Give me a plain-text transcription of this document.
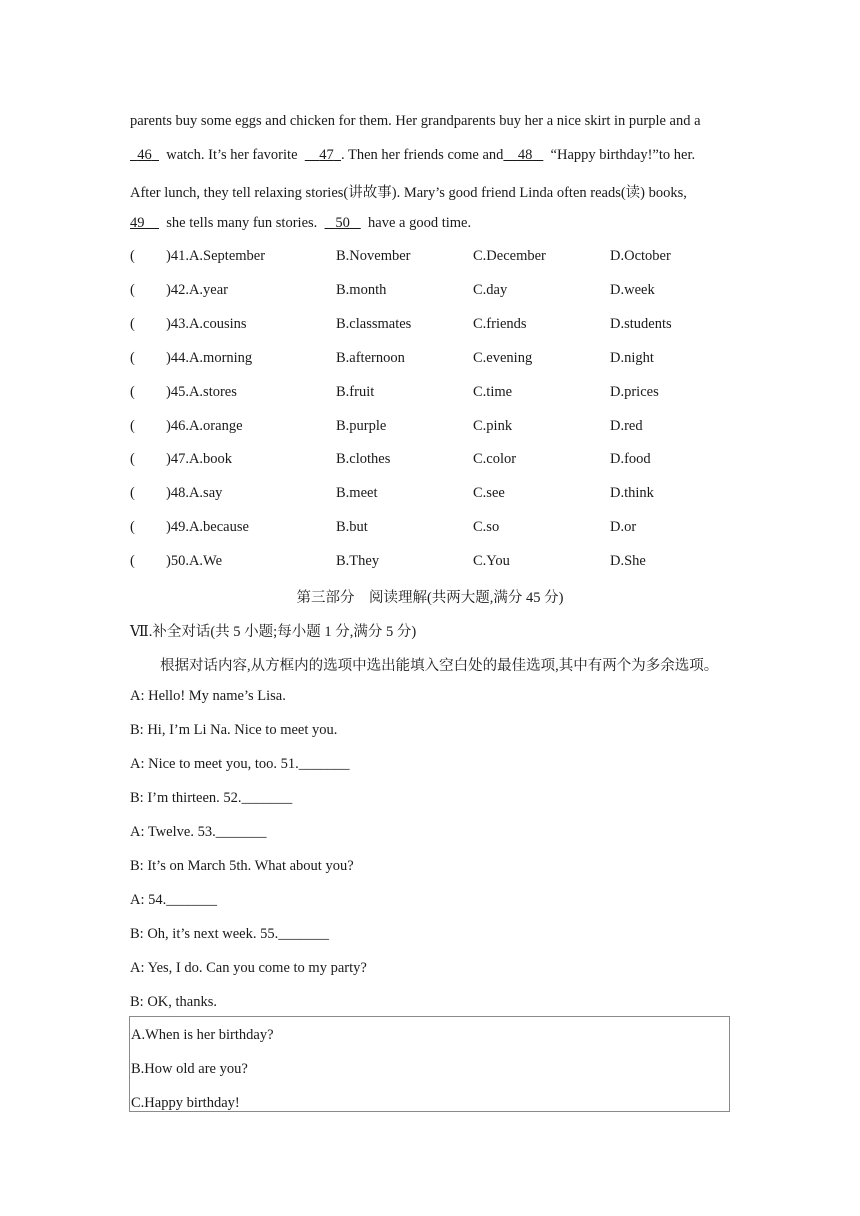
parents buy some eggs and chicken for them. Her grandparents buy her a nice skirt in purple and a
46    watch. It’s her favorite      47 . Then her friends come and 48     “Happy birthday!”to her.
After lunch, they tell relaxing stories(讲故事). Mary’s good friend Linda often reads(读) books,
49      she tells many fun stories.     50     have a good time.
( )41.A.September	B.November	C.December	D.October
( )42.A.year	B.month	C.day	D.week
( )43.A.cousins	B.classmates	C.friends	D.students
( )44.A.morning	B.afternoon	C.evening	D.night
( )45.A.stores	B.fruit	C.time	D.prices
( )46.A.orange	B.purple	C.pink	D.red
( )47.A.book	B.clothes	C.color	D.food
( )48.A.say	B.meet	C.see	D.think
( )49.A.because	B.but	C.so	D.or
( )50.A.We	B.They	C.You	D.She
第三部分　阅读理解(共两大题,满分 45 分)
Ⅶ.补全对话(共 5 小题;每小题 1 分,满分 5 分)
根据对话内容,从方框内的选项中选出能填入空白处的最佳选项,其中有两个为多余选项。
A: Hello! My name’s Lisa.
B: Hi, I’m Li Na. Nice to meet you.
A: Nice to meet you, too. 51._______
B: I’m thirteen. 52._______
A: Twelve. 53._______
B: It’s on March 5th. What about you?
A: 54._______
B: Oh, it’s next week. 55._______
A: Yes, I do. Can you come to my party?
B: OK, thanks.
A.When is her birthday?
B.How old are you?
C.Happy birthday!
